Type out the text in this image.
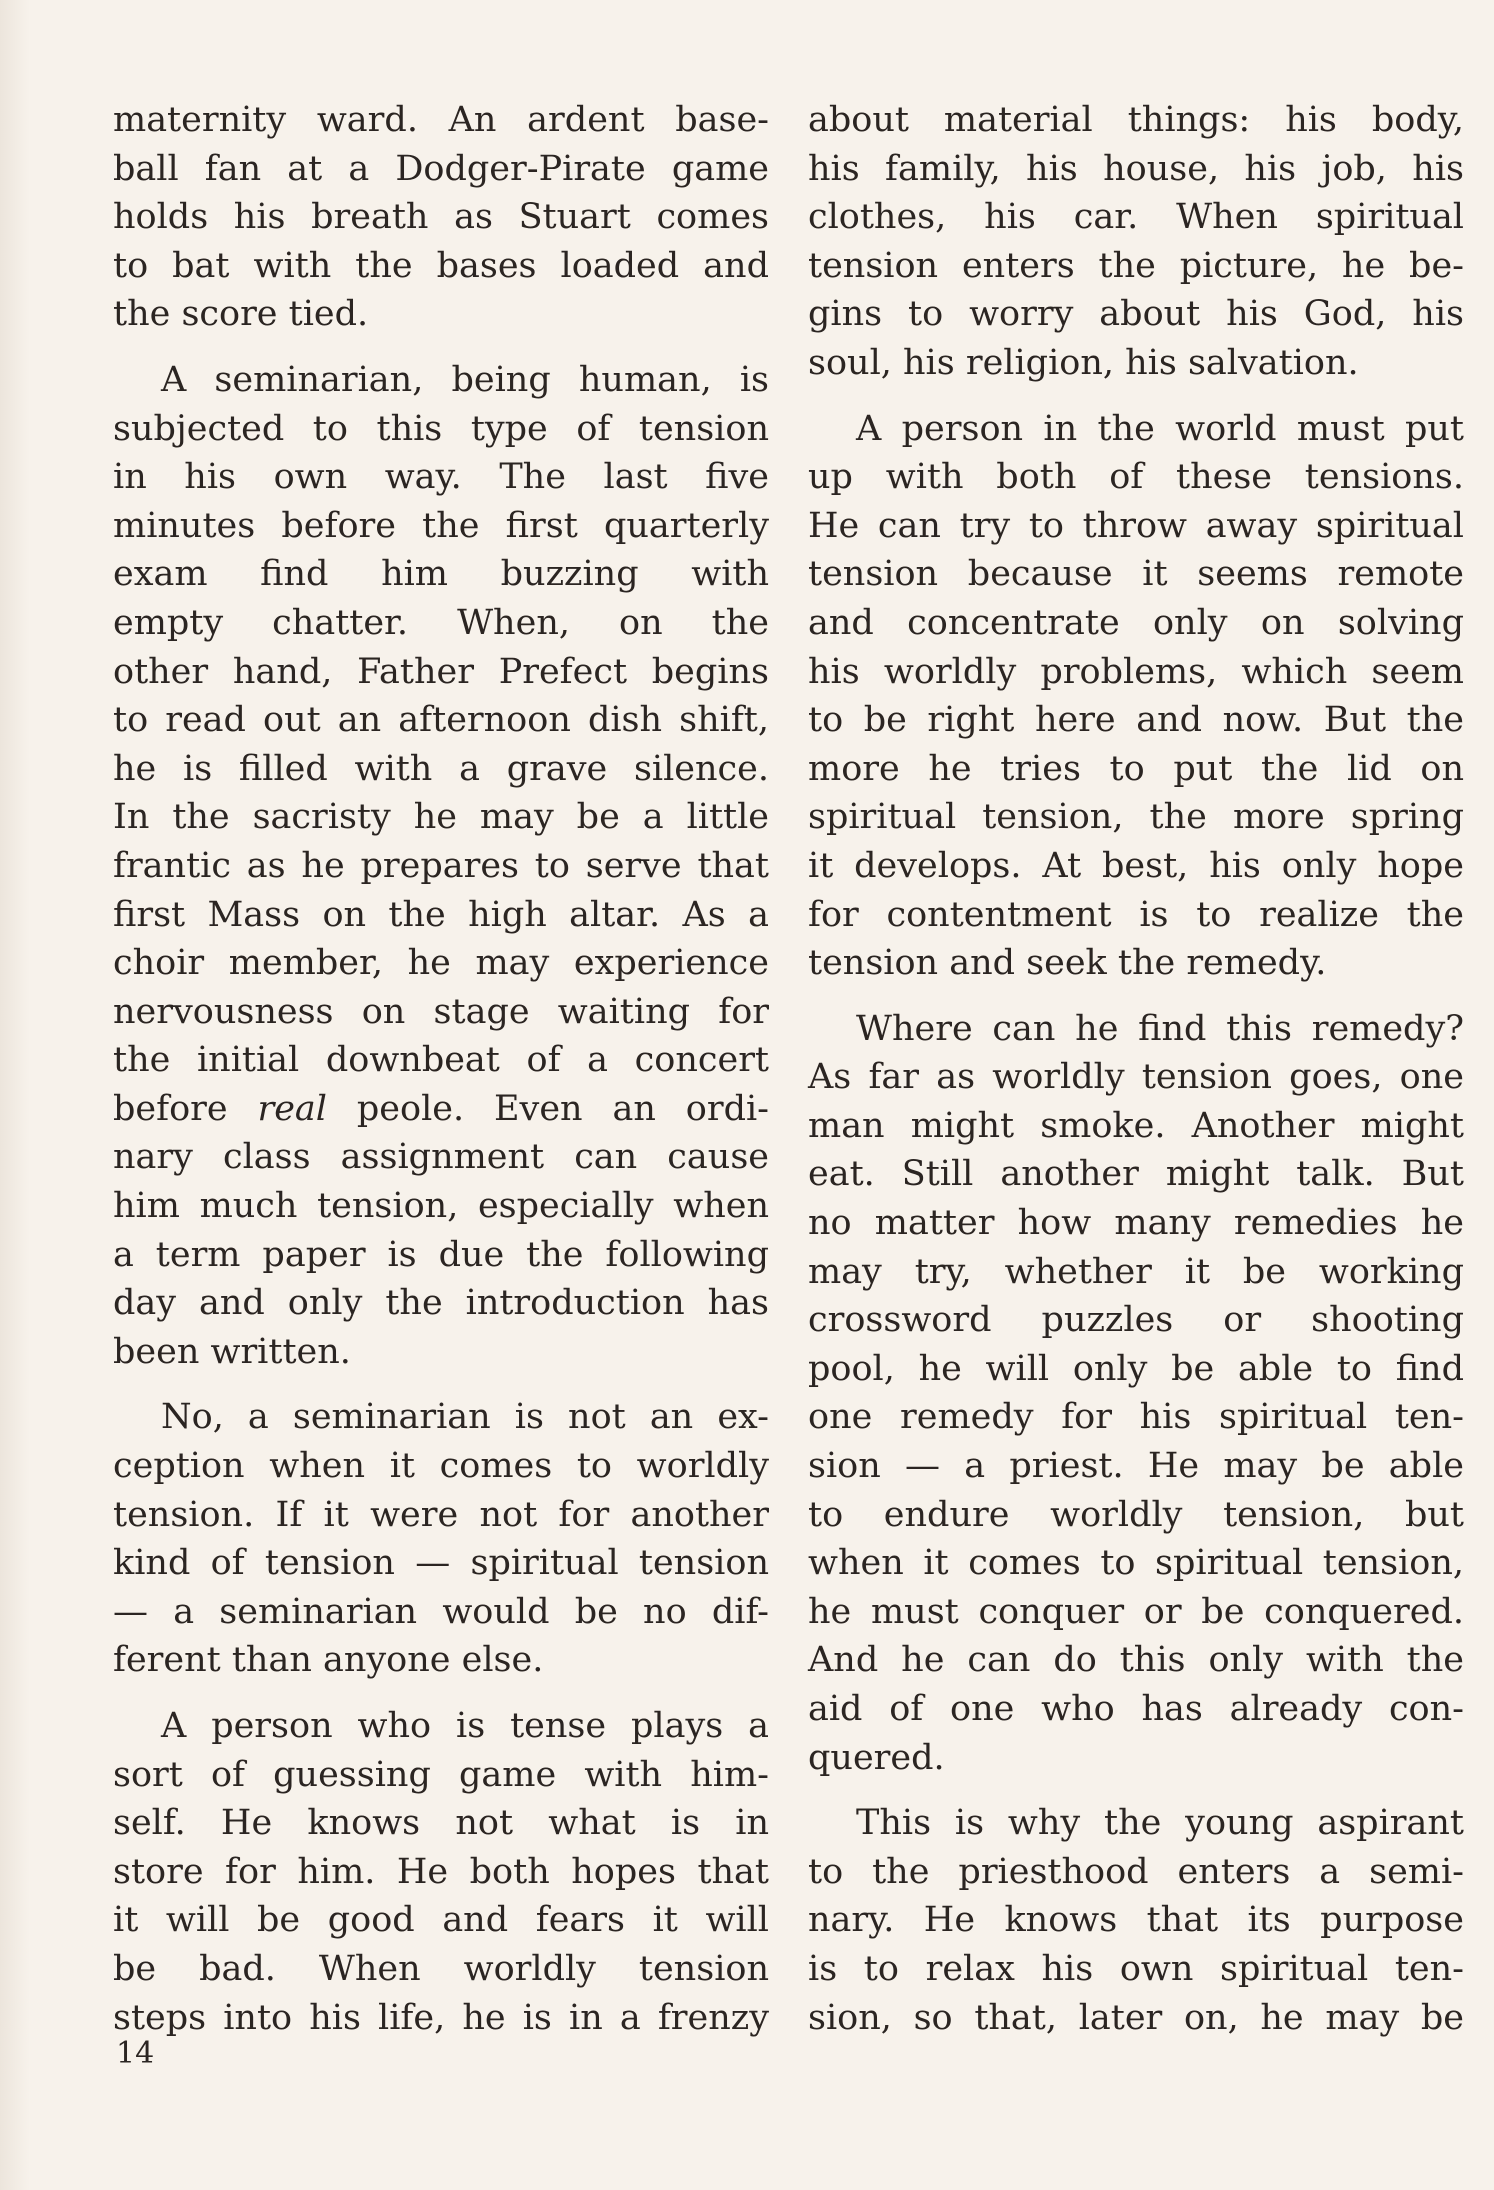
maternity ward. An ardent base-
ball fan at a Dodger-Pirate game
holds his breath as Stuart comes
to bat with the bases loaded and
the score tied.
A seminarian, being human, is
subjected to this type of tension
in his own way. The last five
minutes before the first quarterly
exam find him buzzing with
empty chatter. When, on the
other hand, Father Prefect begins
to read out an afternoon dish shift,
he is filled with a grave silence.
In the sacristy he may be a little
frantic as he prepares to serve that
first Mass on the high altar. As a
choir member, he may experience
nervousness on stage waiting for
the initial downbeat of a concert
before real peole. Even an ordi-
nary class assignment can cause
him much tension, especially when
a term paper is due the following
day and only the introduction has
been written.
No, a seminarian is not an ex-
ception when it comes to worldly
tension. If it were not for another
kind of tension — spiritual tension
— a seminarian would be no dif-
ferent than anyone else.
A person who is tense plays a
sort of guessing game with him-
self. He knows not what is in
store for him. He both hopes that
it will be good and fears it will
be bad. When worldly tension
steps into his life, he is in a frenzy
about material things: his body,
his family, his house, his job, his
clothes, his car. When spiritual
tension enters the picture, he be-
gins to worry about his God, his
soul, his religion, his salvation.
A person in the world must put
up with both of these tensions.
He can try to throw away spiritual
tension because it seems remote
and concentrate only on solving
his worldly problems, which seem
to be right here and now. But the
more he tries to put the lid on
spiritual tension, the more spring
it develops. At best, his only hope
for contentment is to realize the
tension and seek the remedy.
Where can he find this remedy?
As far as worldly tension goes, one
man might smoke. Another might
eat. Still another might talk. But
no matter how many remedies he
may try, whether it be working
crossword puzzles or shooting
pool, he will only be able to find
one remedy for his spiritual ten-
sion — a priest. He may be able
to endure worldly tension, but
when it comes to spiritual tension,
he must conquer or be conquered.
And he can do this only with the
aid of one who has already con-
quered.
This is why the young aspirant
to the priesthood enters a semi-
nary. He knows that its purpose
is to relax his own spiritual ten-
sion, so that, later on, he may be
14
